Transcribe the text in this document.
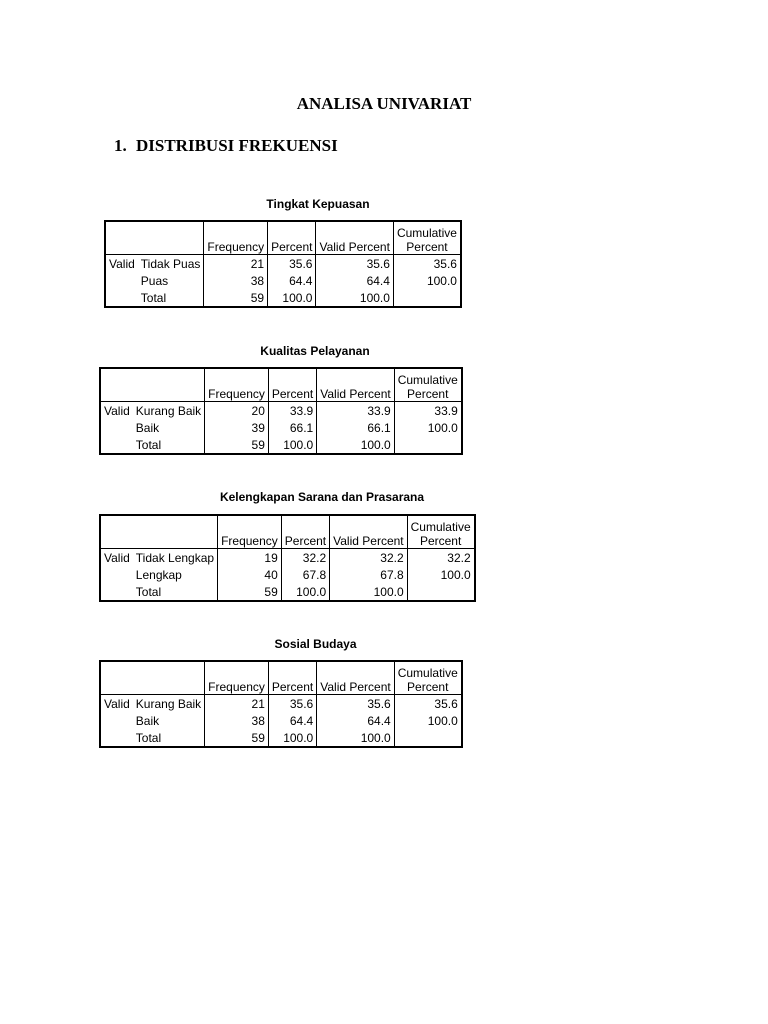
ANALISA UNIVARIAT
1. DISTRIBUSI FREKUENSI
Tingkat Kepuasan
		Frequency	Percent	Valid Percent	Cumulative
Percent
Valid	Tidak Puas	21	35.6	35.6	35.6
	Puas	38	64.4	64.4	100.0
	Total	59	100.0	100.0	
Kualitas Pelayanan
		Frequency	Percent	Valid Percent	Cumulative
Percent
Valid	Kurang Baik	20	33.9	33.9	33.9
	Baik	39	66.1	66.1	100.0
	Total	59	100.0	100.0	
Kelengkapan Sarana dan Prasarana
		Frequency	Percent	Valid Percent	Cumulative
Percent
Valid	Tidak Lengkap	19	32.2	32.2	32.2
	Lengkap	40	67.8	67.8	100.0
	Total	59	100.0	100.0	
Sosial Budaya
		Frequency	Percent	Valid Percent	Cumulative
Percent
Valid	Kurang Baik	21	35.6	35.6	35.6
	Baik	38	64.4	64.4	100.0
	Total	59	100.0	100.0	
